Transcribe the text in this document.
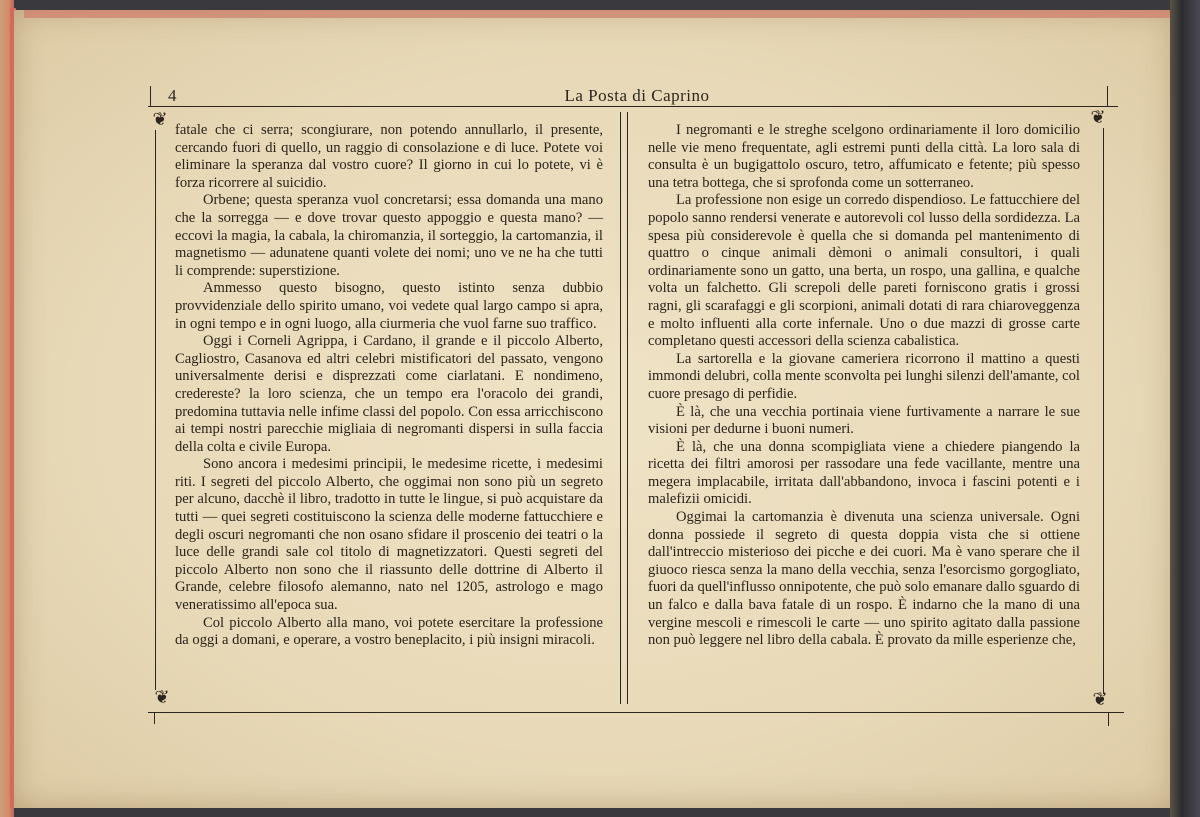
4	La Posta di Caprino
❦
❦
❦
❦

fatale che ci serra; scongiurare, non potendo annullarlo, il presente, cercando fuori di quello, un raggio di consolazione e di luce. Potete voi eliminare la speranza dal vostro cuore? Il giorno in cui lo potete, vi è forza ricorrere al suicidio.

Orbene; questa speranza vuol concretarsi; essa domanda una mano che la sorregga — e dove trovar questo appoggio e questa mano? — eccovi la magia, la cabala, la chiromanzia, il sorteggio, la cartomanzia, il magnetismo — adunatene quanti volete dei nomi; uno ve ne ha che tutti li comprende: superstizione.

Ammesso questo bisogno, questo istinto senza dubbio provvidenziale dello spirito umano, voi vedete qual largo campo si apra, in ogni tempo e in ogni luogo, alla ciurmeria che vuol farne suo traffico.

Oggi i Corneli Agrippa, i Cardano, il grande e il piccolo Alberto, Cagliostro, Casanova ed altri celebri mistificatori del passato, vengono universalmente derisi e disprezzati come ciarlatani. E nondimeno, credereste? la loro scienza, che un tempo era l'oracolo dei grandi, predomina tuttavia nelle infime classi del popolo. Con essa arricchiscono ai tempi nostri parecchie migliaia di negromanti dispersi in sulla faccia della colta e civile Europa.

Sono ancora i medesimi principii, le medesime ricette, i medesimi riti. I segreti del piccolo Alberto, che oggimai non sono più un segreto per alcuno, dacchè il libro, tradotto in tutte le lingue, si può acquistare da tutti — quei segreti costituiscono la scienza delle moderne fattucchiere e degli oscuri negromanti che non osano sfidare il proscenio dei teatri o la luce delle grandi sale col titolo di magnetizzatori. Questi segreti del piccolo Alberto non sono che il riassunto delle dottrine di Alberto il Grande, celebre filosofo alemanno, nato nel 1205, astrologo e mago veneratissimo all'epoca sua.

Col piccolo Alberto alla mano, voi potete esercitare la professione da oggi a domani, e operare, a vostro beneplacito, i più insigni miracoli.

I negromanti e le streghe scelgono ordinariamente il loro domicilio nelle vie meno frequentate, agli estremi punti della città. La loro sala di consulta è un bugigattolo oscuro, tetro, affumicato e fetente; più spesso una tetra bottega, che si sprofonda come un sotterraneo.

La professione non esige un corredo dispendioso. Le fattucchiere del popolo sanno rendersi venerate e autorevoli col lusso della sordidezza. La spesa più considerevole è quella che si domanda pel mantenimento di quattro o cinque animali dèmoni o animali consultori, i quali ordinariamente sono un gatto, una berta, un rospo, una gallina, e qualche volta un falchetto. Gli screpoli delle pareti forniscono gratis i grossi ragni, gli scarafaggi e gli scorpioni, animali dotati di rara chiaroveggenza e molto influenti alla corte infernale. Uno o due mazzi di grosse carte completano questi accessori della scienza cabalistica.

La sartorella e la giovane cameriera ricorrono il mattino a questi immondi delubri, colla mente sconvolta pei lunghi silenzi dell'amante, col cuore presago di perfidie.

È là, che una vecchia portinaia viene furtivamente a narrare le sue visioni per dedurne i buoni numeri.

È là, che una donna scompigliata viene a chiedere piangendo la ricetta dei filtri amorosi per rassodare una fede vacillante, mentre una megera implacabile, irritata dall'abbandono, invoca i fascini potenti e i malefizii omicidi.

Oggimai la cartomanzia è divenuta una scienza universale. Ogni donna possiede il segreto di questa doppia vista che si ottiene dall'intreccio misterioso dei picche e dei cuori. Ma è vano sperare che il giuoco riesca senza la mano della vecchia, senza l'esorcismo gorgogliato, fuori da quell'influsso onnipotente, che può solo emanare dallo sguardo di un falco e dalla bava fatale di un rospo. È indarno che la mano di una vergine mescoli e rimescoli le carte — uno spirito agitato dalla passione non può leggere nel libro della cabala. È provato da mille esperienze che,
